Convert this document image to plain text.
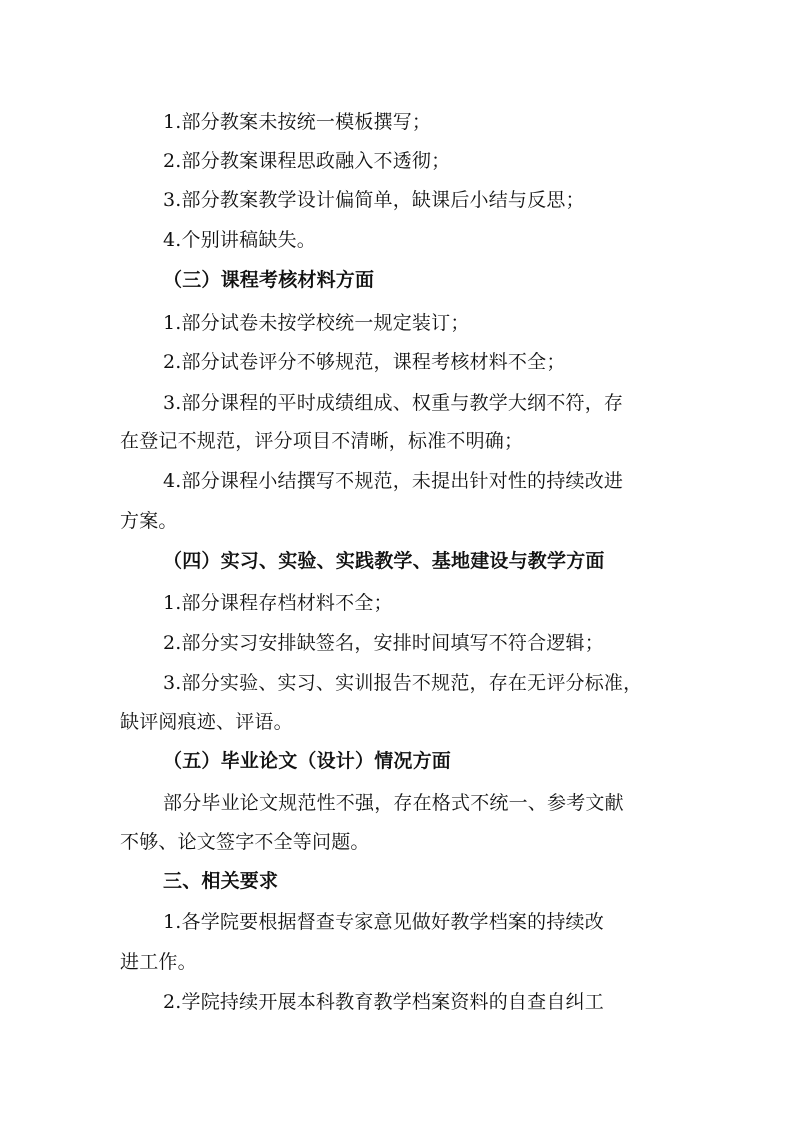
1.部分教案未按统一模板撰写；
2.部分教案课程思政融入不透彻；
3.部分教案教学设计偏简单，缺课后小结与反思；
4.个别讲稿缺失。
（三）课程考核材料方面
1.部分试卷未按学校统一规定装订；
2.部分试卷评分不够规范，课程考核材料不全；
3.部分课程的平时成绩组成、权重与教学大纲不符，存
在登记不规范，评分项目不清晰，标准不明确；
4.部分课程小结撰写不规范，未提出针对性的持续改进
方案。
（四）实习、实验、实践教学、基地建设与教学方面
1.部分课程存档材料不全；
2.部分实习安排缺签名，安排时间填写不符合逻辑；
3.部分实验、实习、实训报告不规范，存在无评分标准，
缺评阅痕迹、评语。
（五）毕业论文（设计）情况方面
部分毕业论文规范性不强，存在格式不统一、参考文献
不够、论文签字不全等问题。
三、相关要求
1.各学院要根据督查专家意见做好教学档案的持续改
进工作。
2.学院持续开展本科教育教学档案资料的自查自纠工
